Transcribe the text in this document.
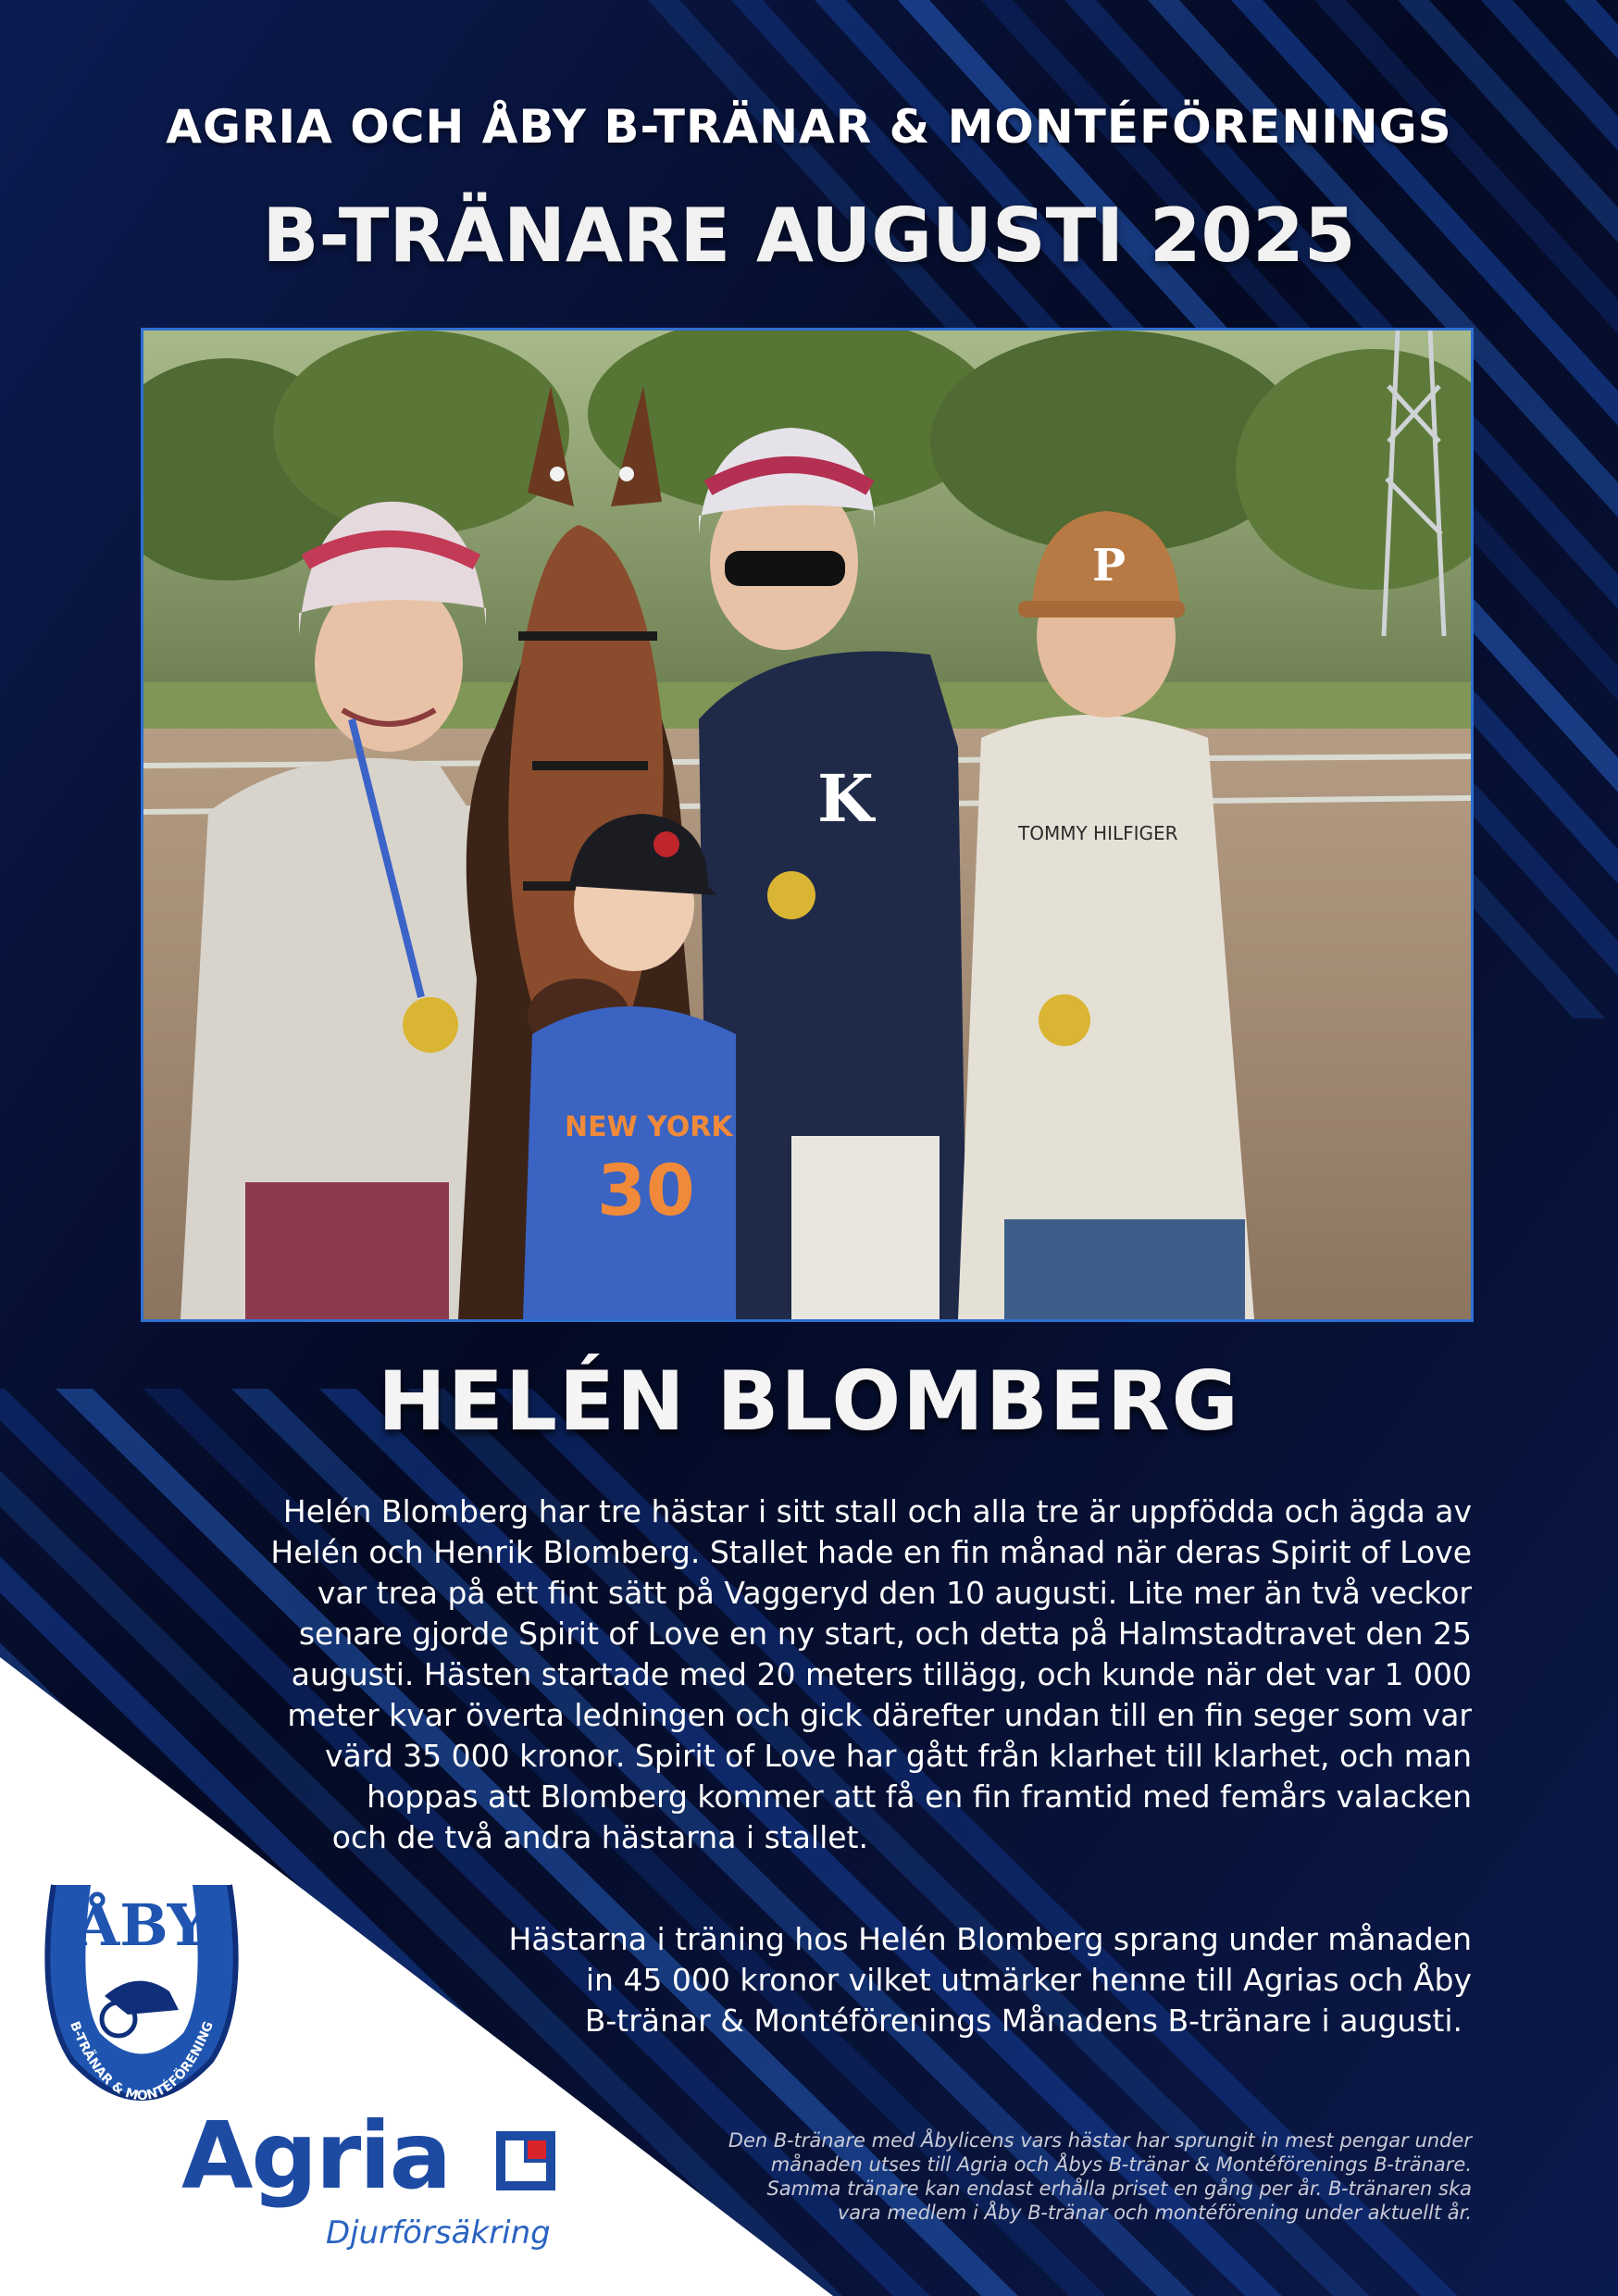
AGRIA OCH ÅBY B-TRÄNAR & MONTÉFÖRENINGS
B-TRÄNARE AUGUSTI 2025
K
NEW YORK
30
P
TOMMY HILFIGER
HELÉN BLOMBERG
Helén Blomberg har tre hästar i sitt stall och alla tre är uppfödda och ägda av
Helén och Henrik Blomberg. Stallet hade en fin månad när deras Spirit of Love
var trea på ett fint sätt på Vaggeryd den 10 augusti. Lite mer än två veckor
senare gjorde Spirit of Love en ny start, och detta på Halmstadtravet den 25
augusti. Hästen startade med 20 meters tillägg, och kunde när det var 1 000
meter kvar överta ledningen och gick därefter undan till en fin seger som var
värd 35 000 kronor. Spirit of Love har gått från klarhet till klarhet, och man
hoppas att Blomberg kommer att få en fin framtid med femårs valacken
och de två andra hästarna i stallet.
Hästarna i träning hos Helén Blomberg sprang under månaden
in 45 000 kronor vilket utmärker henne till Agrias och Åby
B-tränar & Montéförenings Månadens B-tränare i augusti.
Den B-tränare med Åbylicens vars hästar har sprungit in mest pengar under
månaden utses till Agria och Åbys B-tränar & Montéförenings B-tränare.
Samma tränare kan endast erhålla priset en gång per år. B-tränaren ska
vara medlem i Åby B-tränar och montéförening under aktuellt år.
ÅBY
B-TRÄNAR & MONTÉFÖRENING
Agria
Djurförsäkring
